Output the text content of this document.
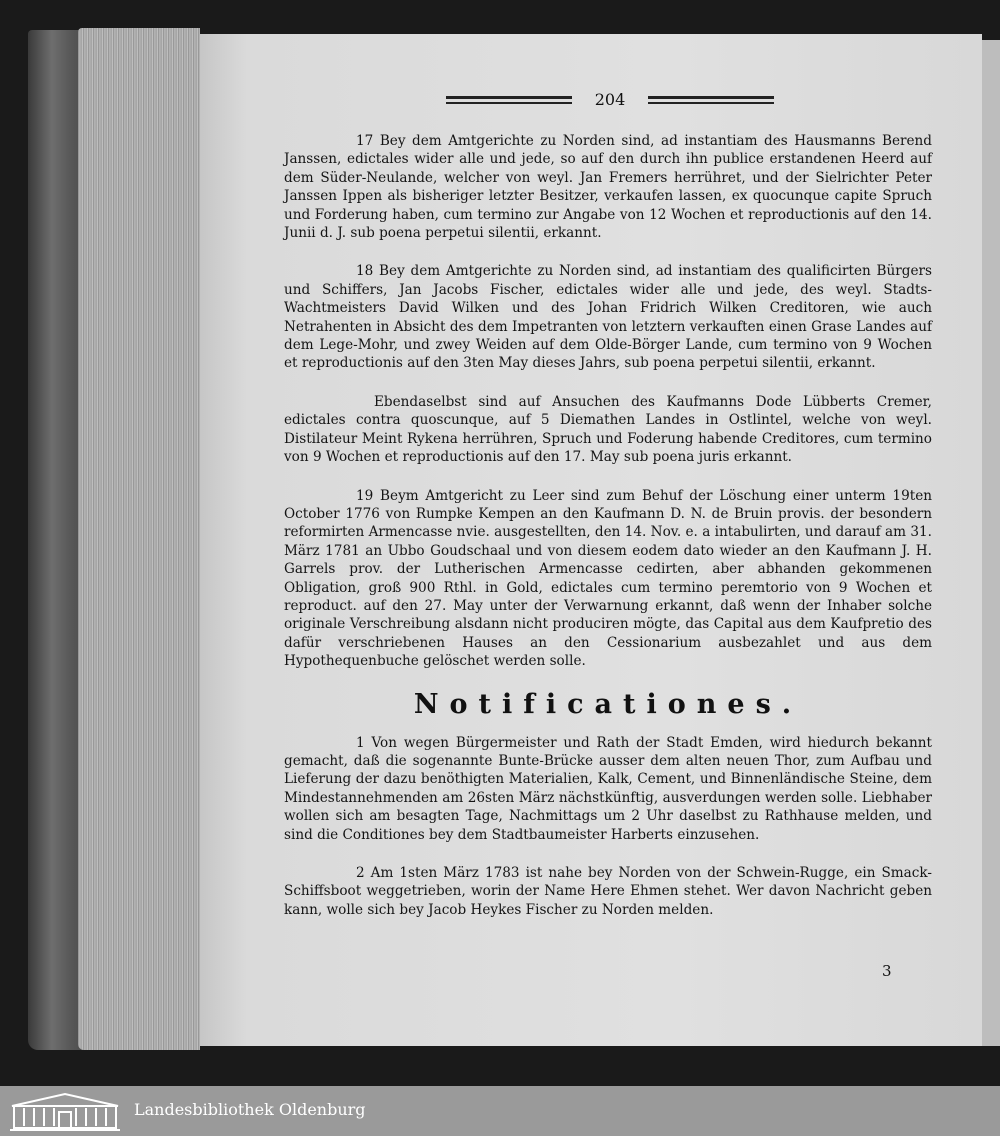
204

17 Bey dem Amtgerichte zu Norden sind, ad instantiam des Hausmanns Berend Janssen, edictales wider alle und jede, so auf den durch ihn publice erstandenen Heerd auf dem Süder-Neulande, welcher von weyl. Jan Fremers herrühret, und der Sielrichter Peter Janssen Ippen als bisheriger letzter Besitzer, verkaufen lassen, ex quocunque capite Spruch und Forderung haben, cum termino zur Angabe von 12 Wochen et reproductionis auf den 14. Junii d. J. sub poena perpetui silentii, erkannt.

18 Bey dem Amtgerichte zu Norden sind, ad instantiam des qualificirten Bürgers und Schiffers, Jan Jacobs Fischer, edictales wider alle und jede, des weyl. Stadts-Wachtmeisters David Wilken und des Johan Fridrich Wilken Creditoren, wie auch Netrahenten in Absicht des dem Impetranten von letztern verkauften einen Grase Landes auf dem Lege-Mohr, und zwey Weiden auf dem Olde-Börger Lande, cum termino von 9 Wochen et reproductionis auf den 3ten May dieses Jahrs, sub poena perpetui silentii, erkannt.

Ebendaselbst sind auf Ansuchen des Kaufmanns Dode Lübberts Cremer, edictales contra quoscunque, auf 5 Diemathen Landes in Ostlintel, welche von weyl. Distilateur Meint Rykena herrühren, Spruch und Foderung habende Creditores, cum termino von 9 Wochen et reproductionis auf den 17. May sub poena juris erkannt.

19 Beym Amtgericht zu Leer sind zum Behuf der Löschung einer unterm 19ten October 1776 von Rumpke Kempen an den Kaufmann D. N. de Bruin provis. der besondern reformirten Armencasse nvie. ausgestellten, den 14. Nov. e. a intabulirten, und darauf am 31. März 1781 an Ubbo Goudschaal und von diesem eodem dato wieder an den Kaufmann J. H. Garrels prov. der Lutherischen Armencasse cedirten, aber abhanden gekommenen Obligation, groß 900 Rthl. in Gold, edictales cum termino peremtorio von 9 Wochen et reproduct. auf den 27. May unter der Verwarnung erkannt, daß wenn der Inhaber solche originale Verschreibung alsdann nicht produciren mögte, das Capital aus dem Kaufpretio des dafür verschriebenen Hauses an den Cessionarium ausbezahlet und aus dem Hypothequenbuche gelöschet werden solle.

Notificationes.

1 Von wegen Bürgermeister und Rath der Stadt Emden, wird hiedurch bekannt gemacht, daß die sogenannte Bunte-Brücke ausser dem alten neuen Thor, zum Aufbau und Lieferung der dazu benöthigten Materialien, Kalk, Cement, und Binnenländische Steine, dem Mindestannehmenden am 26sten März nächstkünftig, ausverdungen werden solle. Liebhaber wollen sich am besagten Tage, Nachmittags um 2 Uhr daselbst zu Rathhause melden, und sind die Conditiones bey dem Stadtbaumeister Harberts einzusehen.

2 Am 1sten März 1783 ist nahe bey Norden von der Schwein-Rugge, ein Smack-Schiffsboot weggetrieben, worin der Name Here Ehmen stehet. Wer davon Nachricht geben kann, wolle sich bey Jacob Heykes Fischer zu Norden melden.

3
Landesbibliothek Oldenburg
